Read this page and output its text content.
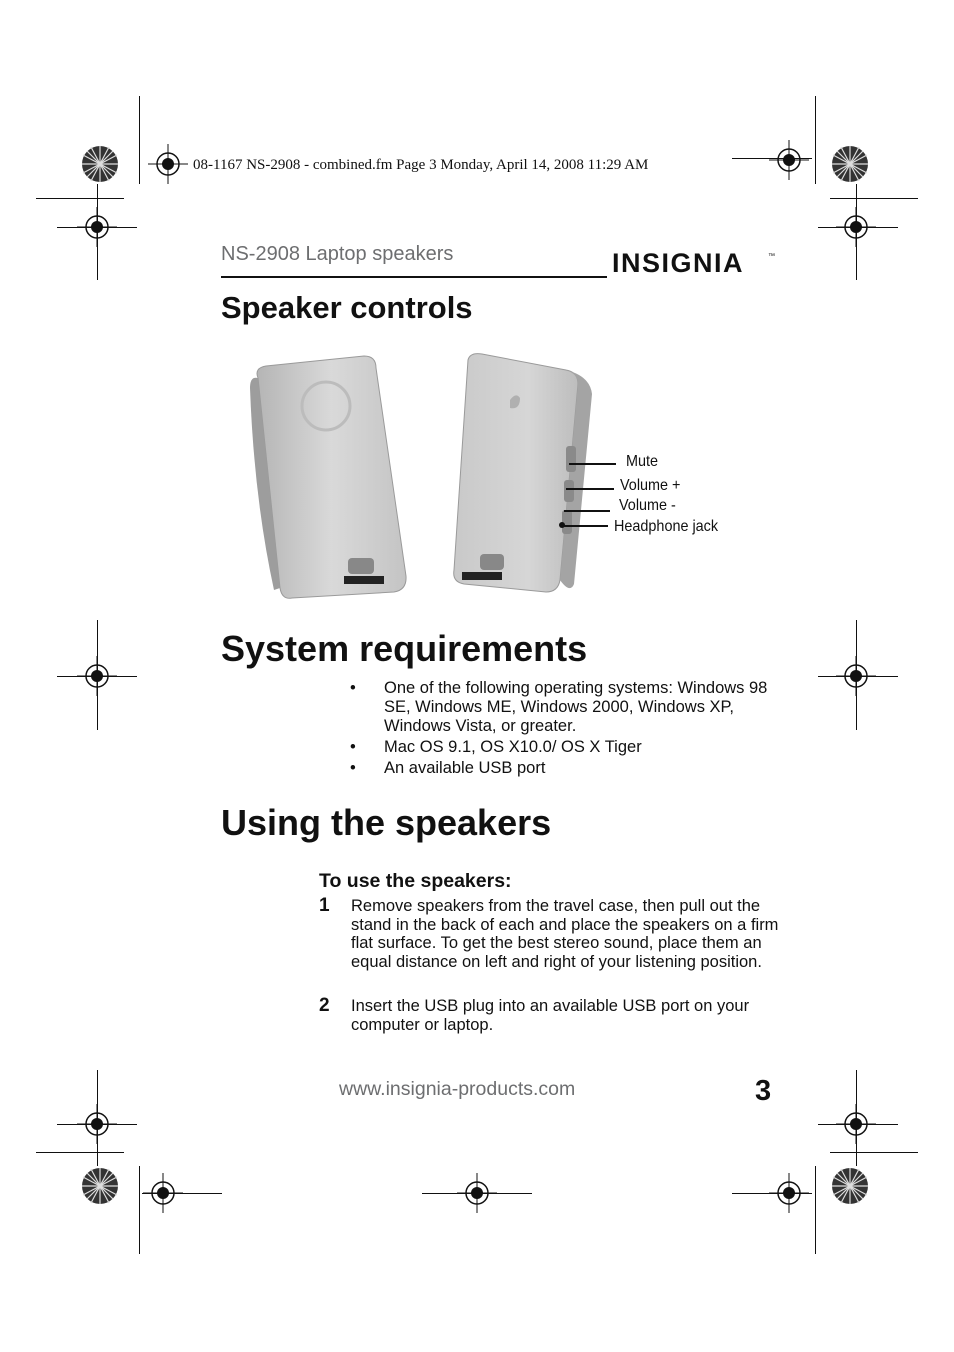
08-1167 NS-2908 - combined.fm Page 3 Monday, April 14, 2008 11:29 AM
NS-2908 Laptop speakers	INSIGNIA	™
Speaker controls
Mute
Volume +
Volume -
Headphone jack
System requirements
• One of the following operating systems: Windows 98 SE, Windows ME, Windows 2000, Windows XP, Windows Vista, or greater.
• Mac OS 9.1, OS X10.0/ OS X Tiger
• An available USB port
Using the speakers
To use the speakers:
1 Remove speakers from the travel case, then pull out the stand in the back of each and place the speakers on a firm flat surface. To get the best stereo sound, place them an equal distance on left and right of your listening position.
2 Insert the USB plug into an available USB port on your computer or laptop.
www.insignia-products.com	3
